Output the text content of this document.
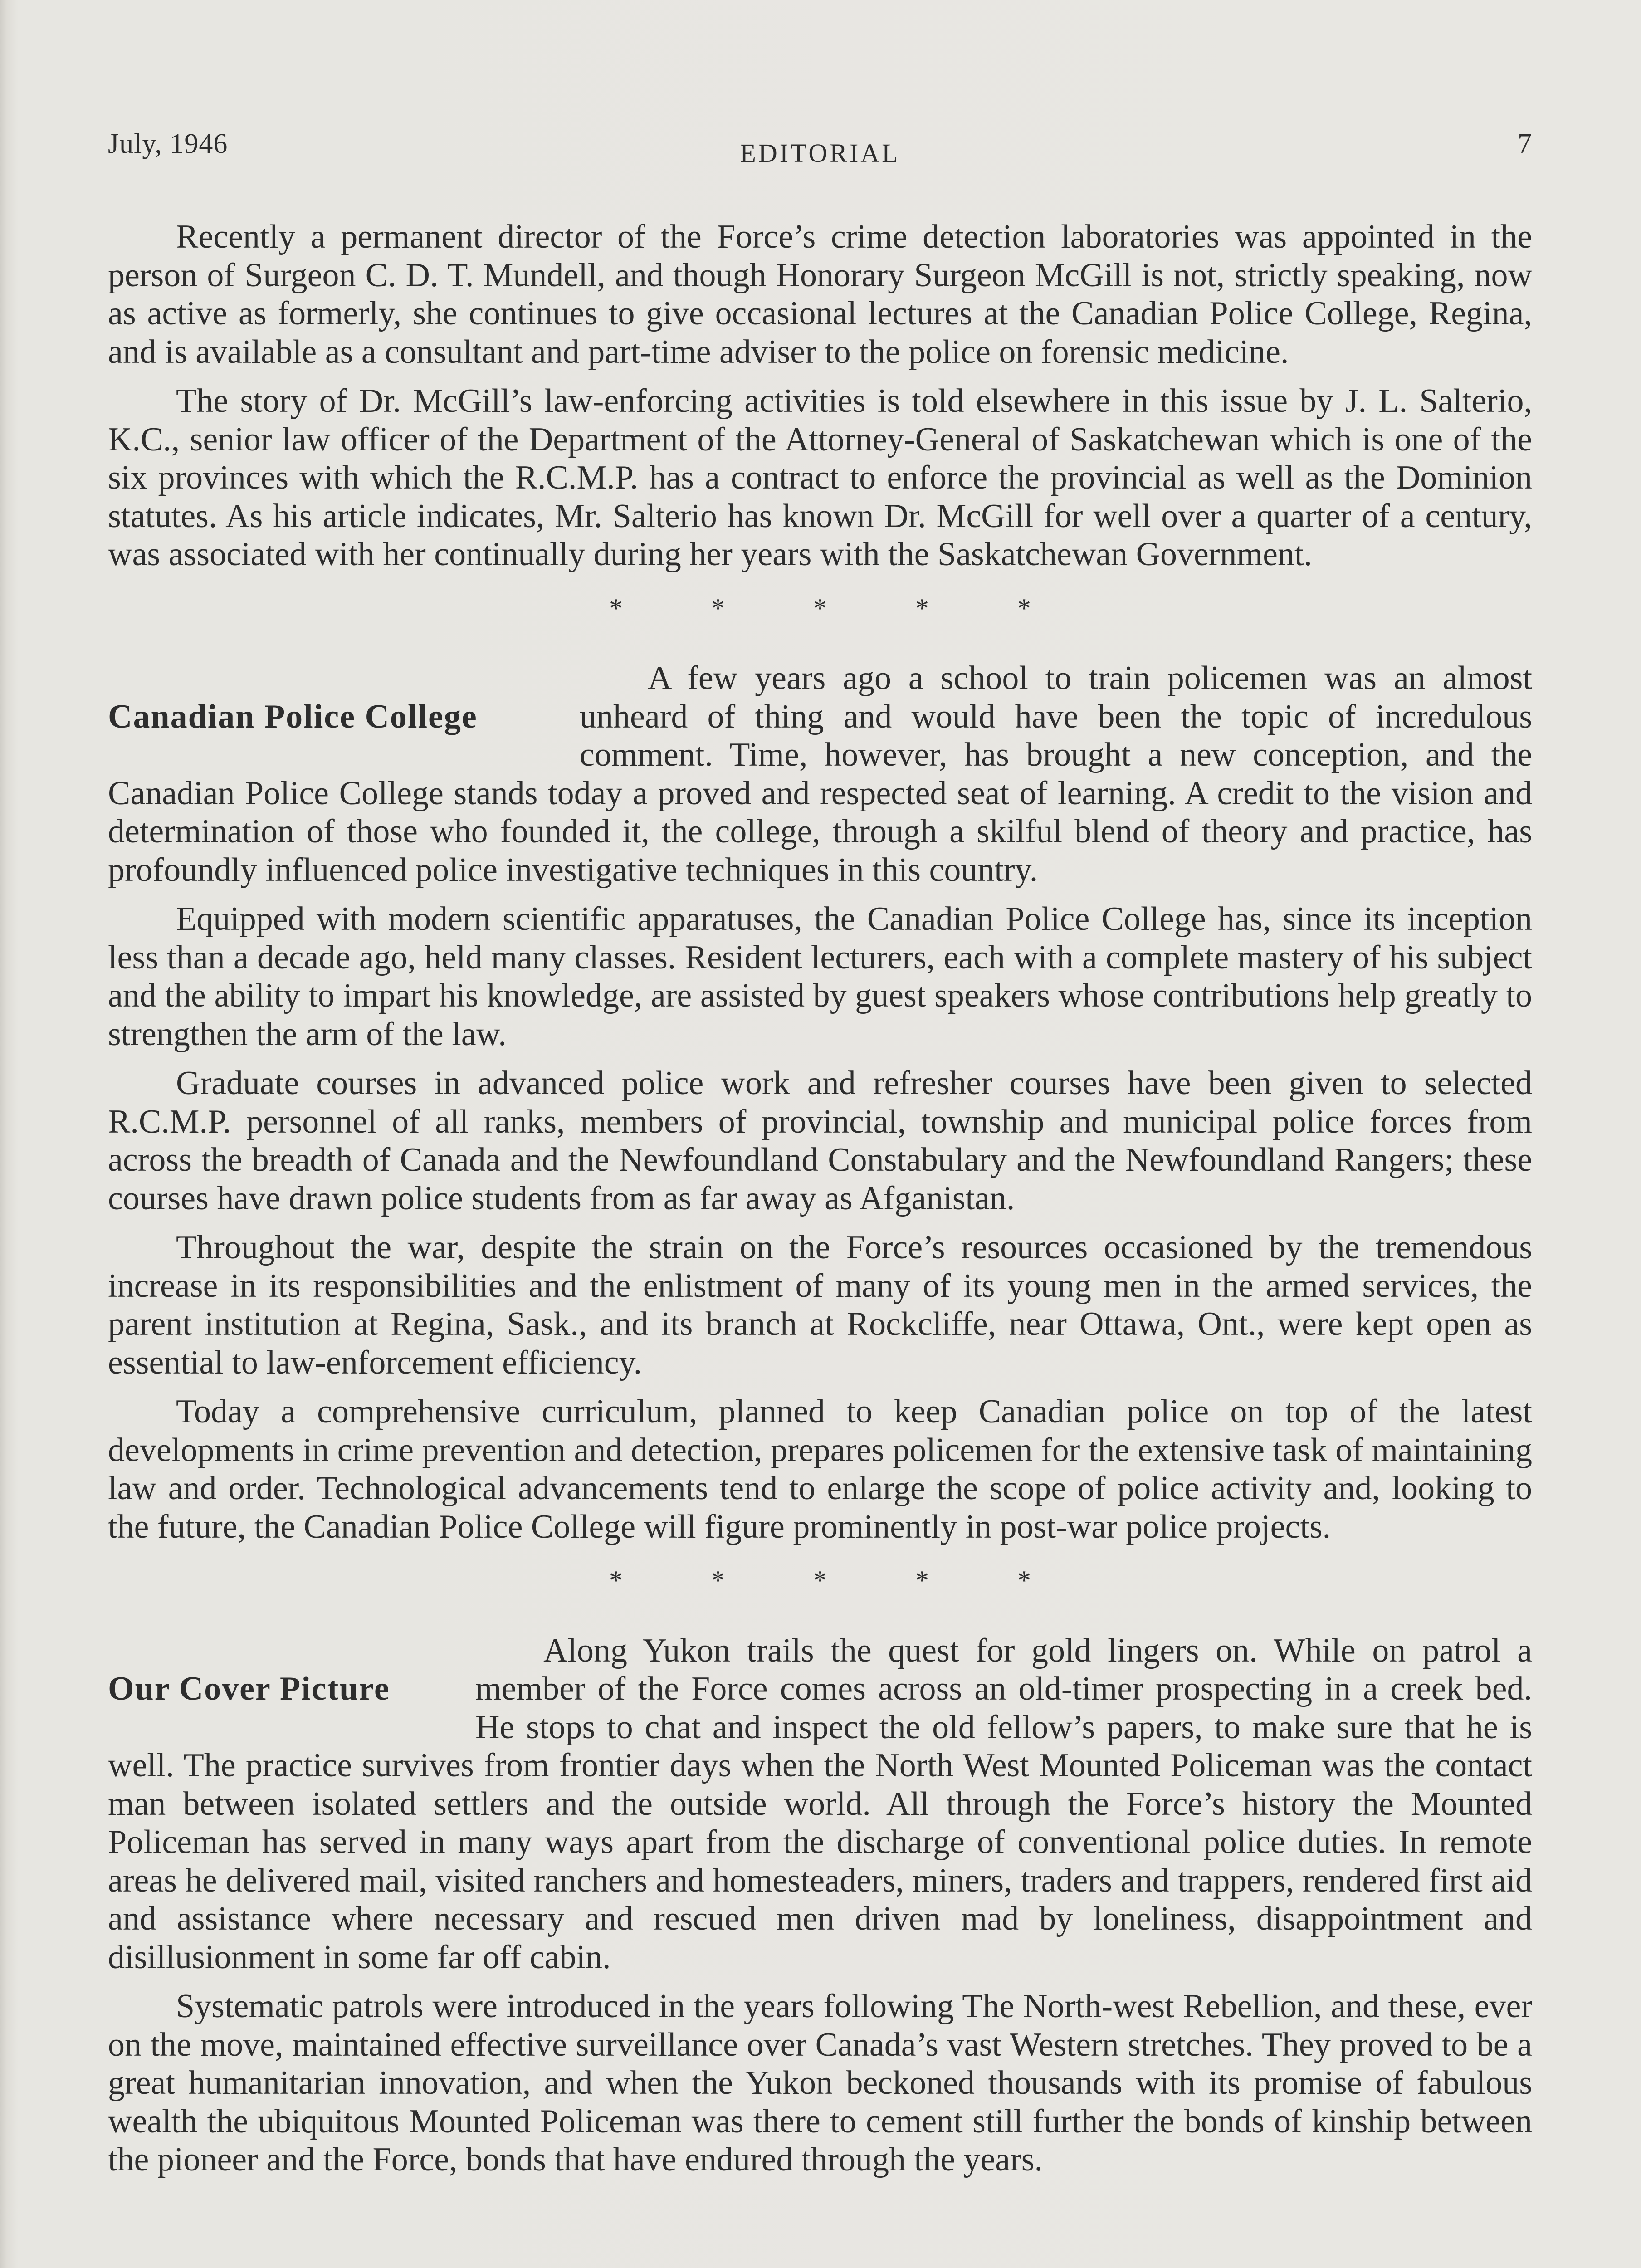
July, 1946	EDITORIAL	7

Recently a permanent director of the Force’s crime detection laboratories was appointed in the person of Surgeon C. D. T. Mundell, and though Honorary Surgeon McGill is not, strictly speaking, now as active as formerly, she continues to give occasional lectures at the Canadian Police College, Regina, and is available as a consultant and part-time adviser to the police on forensic medicine.

The story of Dr. McGill’s law-enforcing activities is told elsewhere in this issue by J. L. Salterio, K.C., senior law officer of the Department of the Attorney-General of Saskatchewan which is one of the six provinces with which the R.C.M.P. has a contract to enforce the provincial as well as the Dominion statutes. As his article indicates, Mr. Salterio has known Dr. McGill for well over a quarter of a century, was associated with her continually during her years with the Saskatchewan Government.

* * * * *
Canadian Police College

A few years ago a school to train policemen was an almost unheard of thing and would have been the topic of incredulous comment. Time, however, has brought a new conception, and the Canadian Police College stands today a proved and respected seat of learning. A credit to the vision and determination of those who founded it, the college, through a skilful blend of theory and practice, has profoundly influenced police investigative techniques in this country.

Equipped with modern scientific apparatuses, the Canadian Police College has, since its inception less than a decade ago, held many classes. Resident lecturers, each with a complete mastery of his subject and the ability to impart his knowledge, are assisted by guest speakers whose contributions help greatly to strengthen the arm of the law.

Graduate courses in advanced police work and refresher courses have been given to selected R.C.M.P. personnel of all ranks, members of provincial, township and municipal police forces from across the breadth of Canada and the Newfoundland Constabulary and the Newfoundland Rangers; these courses have drawn police students from as far away as Afganistan.

Throughout the war, despite the strain on the Force’s resources occasioned by the tremendous increase in its responsibilities and the enlistment of many of its young men in the armed services, the parent institution at Regina, Sask., and its branch at Rockcliffe, near Ottawa, Ont., were kept open as essential to law-enforcement efficiency.

Today a comprehensive curriculum, planned to keep Canadian police on top of the latest developments in crime prevention and detection, prepares policemen for the extensive task of maintaining law and order. Technological advancements tend to enlarge the scope of police activity and, looking to the future, the Canadian Police College will figure prominently in post-war police projects.

* * * * *
Our Cover Picture

Along Yukon trails the quest for gold lingers on. While on patrol a member of the Force comes across an old-timer prospecting in a creek bed. He stops to chat and inspect the old fellow’s papers, to make sure that he is well. The practice survives from frontier days when the North West Mounted Policeman was the contact man between isolated settlers and the outside world. All through the Force’s history the Mounted Policeman has served in many ways apart from the discharge of conventional police duties. In remote areas he delivered mail, visited ranchers and homesteaders, miners, traders and trappers, rendered first aid and assistance where necessary and rescued men driven mad by loneliness, disappointment and disillusionment in some far off cabin.

Systematic patrols were introduced in the years following The North-west Rebellion, and these, ever on the move, maintained effective surveillance over Canada’s vast Western stretches. They proved to be a great humanitarian innovation, and when the Yukon beckoned thousands with its promise of fabulous wealth the ubiquitous Mounted Policeman was there to cement still further the bonds of kinship between the pioneer and the Force, bonds that have endured through the years.
